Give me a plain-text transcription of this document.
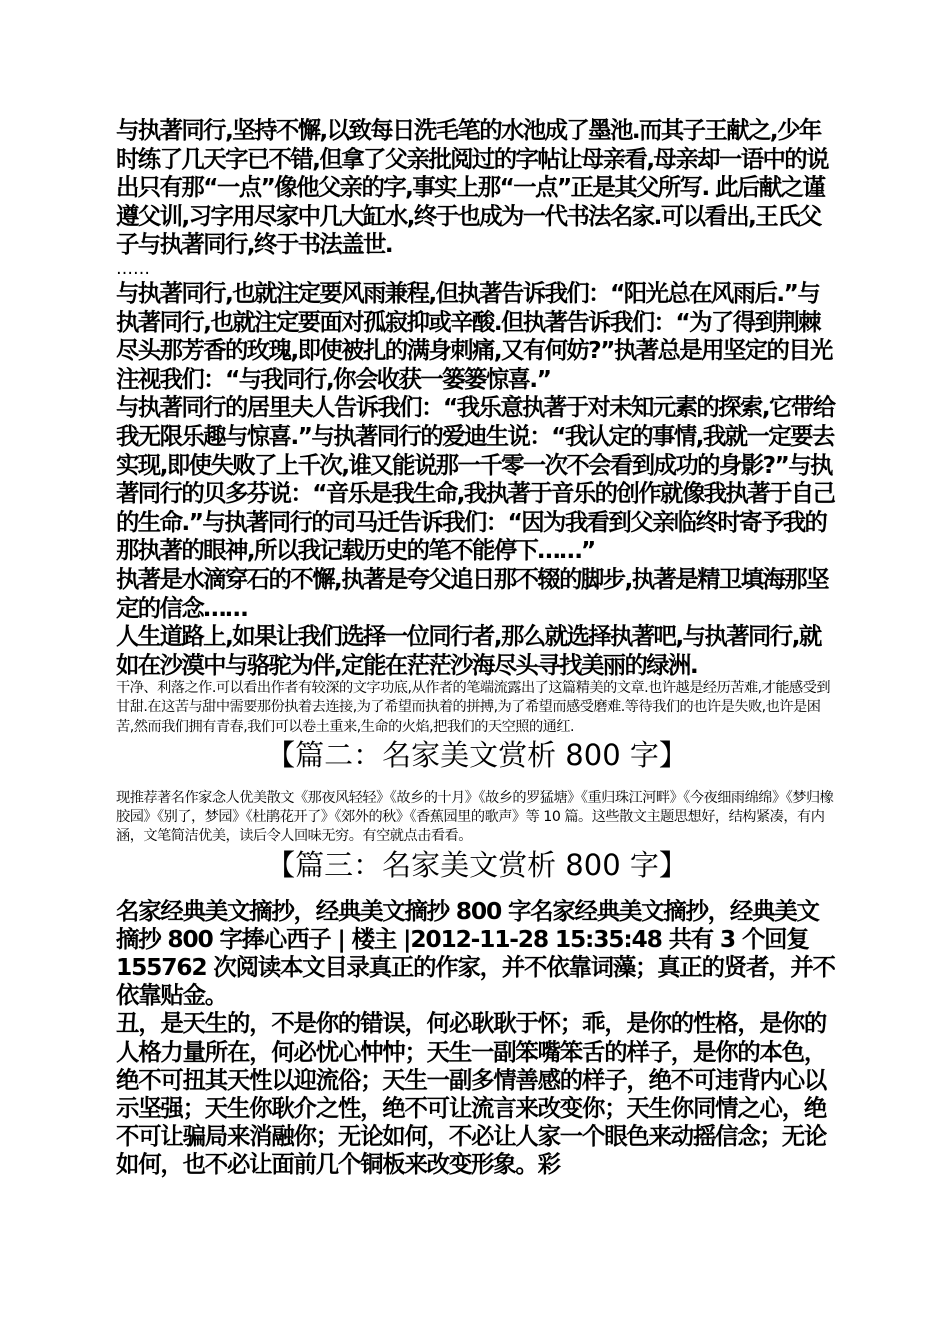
与执著同行,坚持不懈,以致每日洗毛笔的水池成了墨池.而其子王献之,少年时练了几天字已不错,但拿了父亲批阅过的字帖让母亲看,母亲却一语中的说出只有那“一点”像他父亲的字,事实上那“一点”正是其父所写. 此后献之谨遵父训,习字用尽家中几大缸水,终于也成为一代书法名家.可以看出,王氏父子与执著同行,终于书法盖世.

……

与执著同行,也就注定要风雨兼程,但执著告诉我们：“阳光总在风雨后.”与执著同行,也就注定要面对孤寂抑或辛酸.但执著告诉我们：“为了得到荆棘尽头那芳香的玫瑰,即使被扎的满身刺痛,又有何妨?”执著总是用坚定的目光注视我们：“与我同行,你会收获一篓篓惊喜.”

与执著同行的居里夫人告诉我们：“我乐意执著于对未知元素的探索,它带给我无限乐趣与惊喜.”与执著同行的爱迪生说：“我认定的事情,我就一定要去实现,即使失败了上千次,谁又能说那一千零一次不会看到成功的身影?”与执著同行的贝多芬说：“音乐是我生命,我执著于音乐的创作就像我执著于自己的生命.”与执著同行的司马迁告诉我们：“因为我看到父亲临终时寄予我的那执著的眼神,所以我记载历史的笔不能停下……”

执著是水滴穿石的不懈,执著是夸父追日那不辍的脚步,执著是精卫填海那坚定的信念……

人生道路上,如果让我们选择一位同行者,那么就选择执著吧,与执著同行,就如在沙漠中与骆驼为伴,定能在茫茫沙海尽头寻找美丽的绿洲.

干净、利落之作.可以看出作者有较深的文字功底,从作者的笔端流露出了这篇精美的文章.也许越是经历苦难,才能感受到甘甜.在这苦与甜中需要那份执着去连接,为了希望而执着的拼搏,为了希望而感受磨难.等待我们的也许是失败,也许是困苦,然而我们拥有青春,我们可以卷土重来,生命的火焰,把我们的天空照的通红.

【篇二：名家美文赏析 800 字】

现推荐著名作家念人优美散文《那夜风轻轻》《故乡的十月》《故乡的罗猛塘》《重归珠江河畔》《今夜细雨绵绵》《梦归橡胶园》《别了，梦园》《杜鹃花开了》《郊外的秋》《香蕉园里的歌声》等 10 篇。这些散文主题思想好，结构紧凑，有内涵，文笔简洁优美，读后令人回味无穷。有空就点击看看。

【篇三：名家美文赏析 800 字】

名家经典美文摘抄，经典美文摘抄 800 字名家经典美文摘抄，经典美文摘抄 800 字捧心西子 | 楼主 |2012-11-28 15:35:48 共有 3 个回复 155762 次阅读本文目录真正的作家，并不依靠词藻；真正的贤者，并不依靠贴金。

丑，是天生的，不是你的错误，何必耿耿于怀；乖，是你的性格，是你的人格力量所在，何必忧心忡忡；天生一副笨嘴笨舌的样子，是你的本色，绝不可扭其天性以迎流俗；天生一副多情善感的样子，绝不可违背内心以示坚强；天生你耿介之性，绝不可让流言来改变你；天生你同情之心，绝不可让骗局来消融你；无论如何，不必让人家一个眼色来动摇信念；无论如何，也不必让面前几个铜板来改变形象。彩
